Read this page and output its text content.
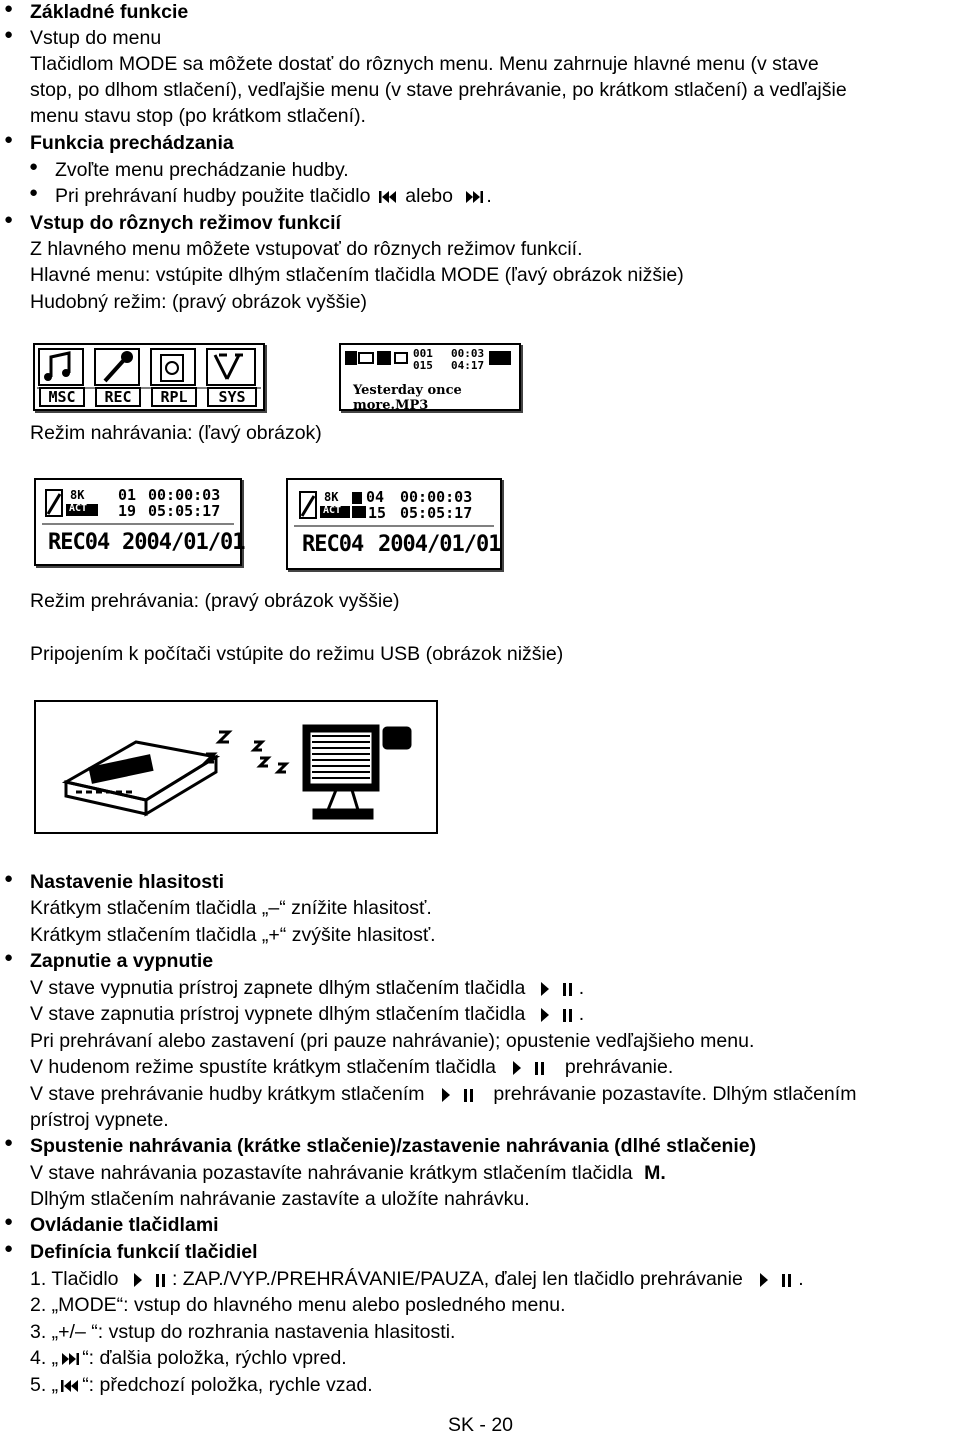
Základné funkcie
●
● Vstup do menu
Tlačidlom MODE sa môžete dostať do rôznych menu. Menu zahrnuje hlavné menu (v stave
stop, po dlhom stlačení), vedľajšie menu (v stave prehrávanie, po krátkom stlačení) a vedľajšie
menu stavu stop (po krátkom stlačení).
● Funkcia prechádzania
● Zvoľte menu prechádzanie hudby.
● Pri prehrávaní hudby použite tlačidlo alebo .
● Vstup do rôznych režimov funkcií
Z hlavného menu môžete vstupovať do rôznych režimov funkcií.
Hlavné menu: vstúpite dlhým stlačením tlačidla MODE (ľavý obrázok nižšie)
Hudobný režim: (pravý obrázok vyššie)
MSC	REC	RPL	SYS
001
015
00:03
04:17
Yesterday once more.MP3
Režim nahrávania: (ľavý obrázok)
8K
ACT
01
19
00:00:03
05:05:17
REC04 2004/01/01
8K
ACT
04
15
00:00:03
05:05:17
REC04 2004/01/01
Režim prehrávania: (pravý obrázok vyššie)
Pripojením k počítači vstúpite do režimu USB (obrázok nižšie)
● Nastavenie hlasitosti
Krátkym stlačením tlačidla „–“ znížite hlasitosť.
Krátkym stlačením tlačidla „+“ zvýšite hlasitosť.
● Zapnutie a vypnutie
V stave vypnutia prístroj zapnete dlhým stlačením tlačidla	.
V stave zapnutia prístroj vypnete dlhým stlačením tlačidla	.
Pri prehrávaní alebo zastavení (pri pauze nahrávanie); opustenie vedľajšieho menu.
V hudenom režime spustíte krátkym stlačením tlačidla	prehrávanie.
V stave prehrávanie hudby krátkym stlačením	prehrávanie pozastavíte. Dlhým stlačením
prístroj vypnete.
● Spustenie nahrávania (krátke stlačenie)/zastavenie nahrávania (dlhé stlačenie)
V stave nahrávania pozastavíte nahrávanie krátkym stlačením tlačidla M.
Dlhým stlačením nahrávanie zastavíte a uložíte nahrávku.
● Ovládanie tlačidlami
● Definícia funkcií tlačidiel
1. Tlačidlo	: ZAP./VYP./PREHRÁVANIE/PAUZA, ďalej len tlačidlo prehrávanie	.
2. „MODE“: vstup do hlavného menu alebo posledného menu.
3. „+/– “: vstup do rozhrania nastavenia hlasitosti.
4. „ “: ďalšia položka, rýchlo vpred.
5. „ “: předchozí položka, rychle vzad.
SK - 20
